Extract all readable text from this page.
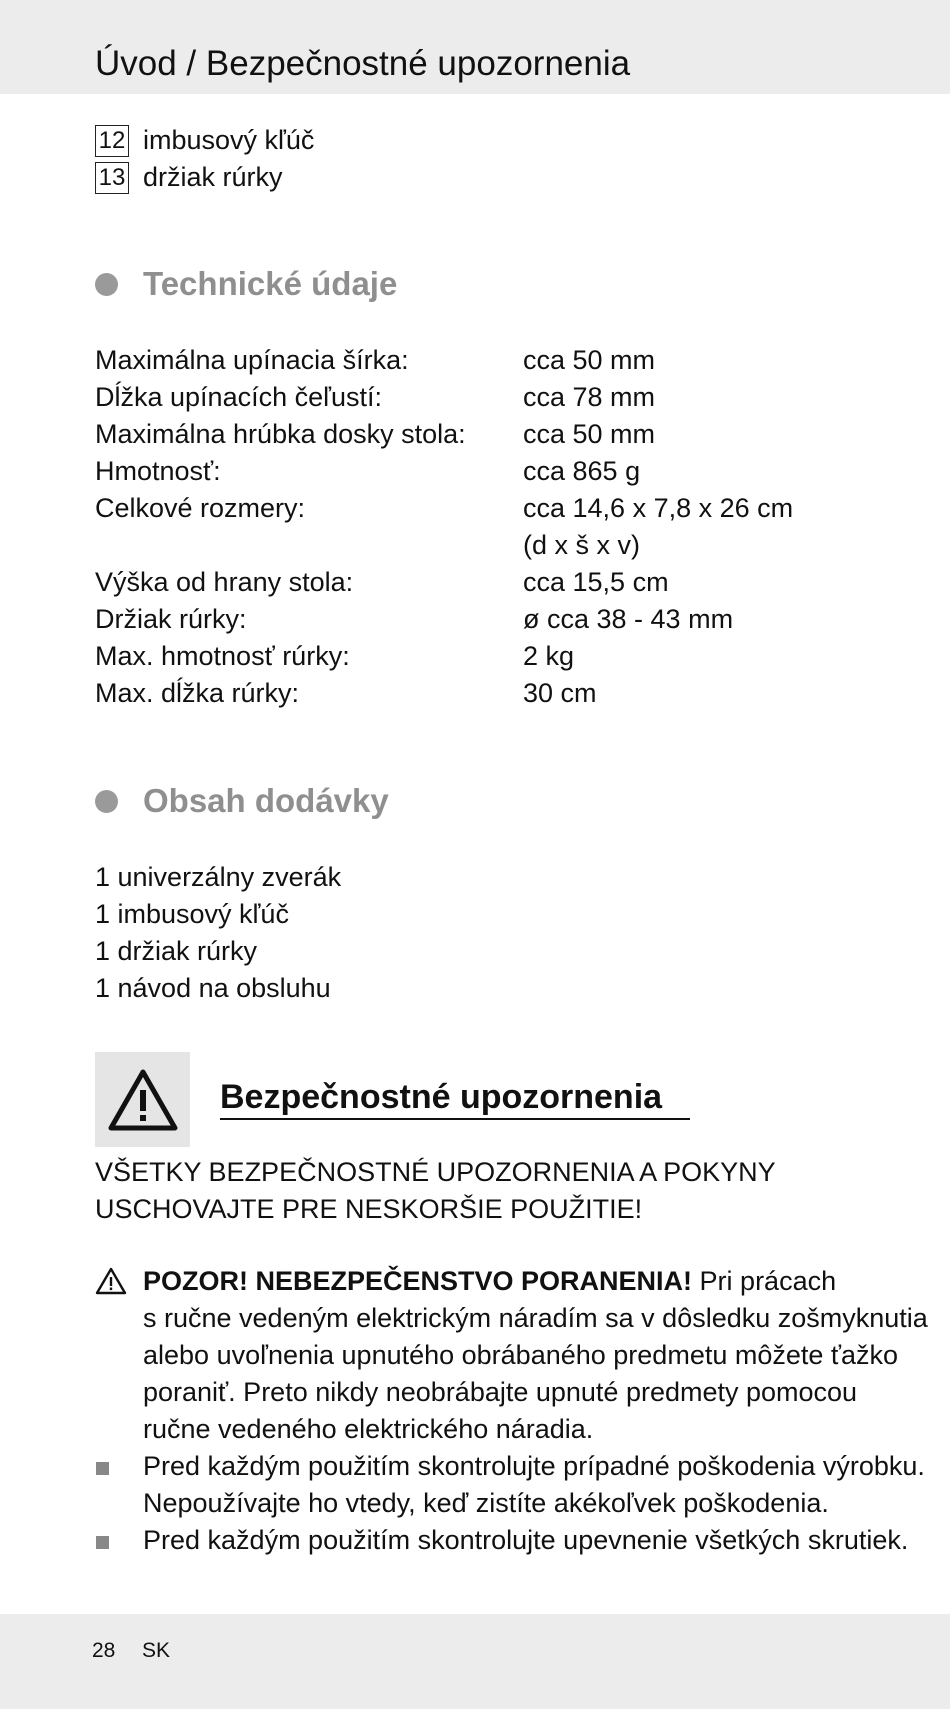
Úvod / Bezpečnostné upozornenia
12 imbusový kľúč
13 držiak rúrky
Technické údaje
Maximálna upínacia šírka:	cca 50 mm
Dĺžka upínacích čeľustí:	cca 78 mm
Maximálna hrúbka dosky stola:	cca 50 mm
Hmotnosť:	cca 865 g
Celkové rozmery:	cca 14,6 x 7,8 x 26 cm
(d x š x v)
Výška od hrany stola:	cca 15,5 cm
Držiak rúrky:	ø cca 38 - 43 mm
Max. hmotnosť rúrky:	2 kg
Max. dĺžka rúrky:	30 cm
Obsah dodávky
1 univerzálny zverák
1 imbusový kľúč
1 držiak rúrky
1 návod na obsluhu
Bezpečnostné upozornenia
VŠETKY BEZPEČNOSTNÉ UPOZORNENIA A POKYNY
USCHOVAJTE PRE NESKORŠIE POUŽITIE!
POZOR! NEBEZPEČENSTVO PORANENIA! Pri prácach
s ručne vedeným elektrickým náradím sa v dôsledku zošmyknutia
alebo uvoľnenia upnutého obrábaného predmetu môžete ťažko
poraniť. Preto nikdy neobrábajte upnuté predmety pomocou
ručne vedeného elektrického náradia.
Pred každým použitím skontrolujte prípadné poškodenia výrobku.
Nepoužívajte ho vtedy, keď zistíte akékoľvek poškodenia.
Pred každým použitím skontrolujte upevnenie všetkých skrutiek.
28 SK
